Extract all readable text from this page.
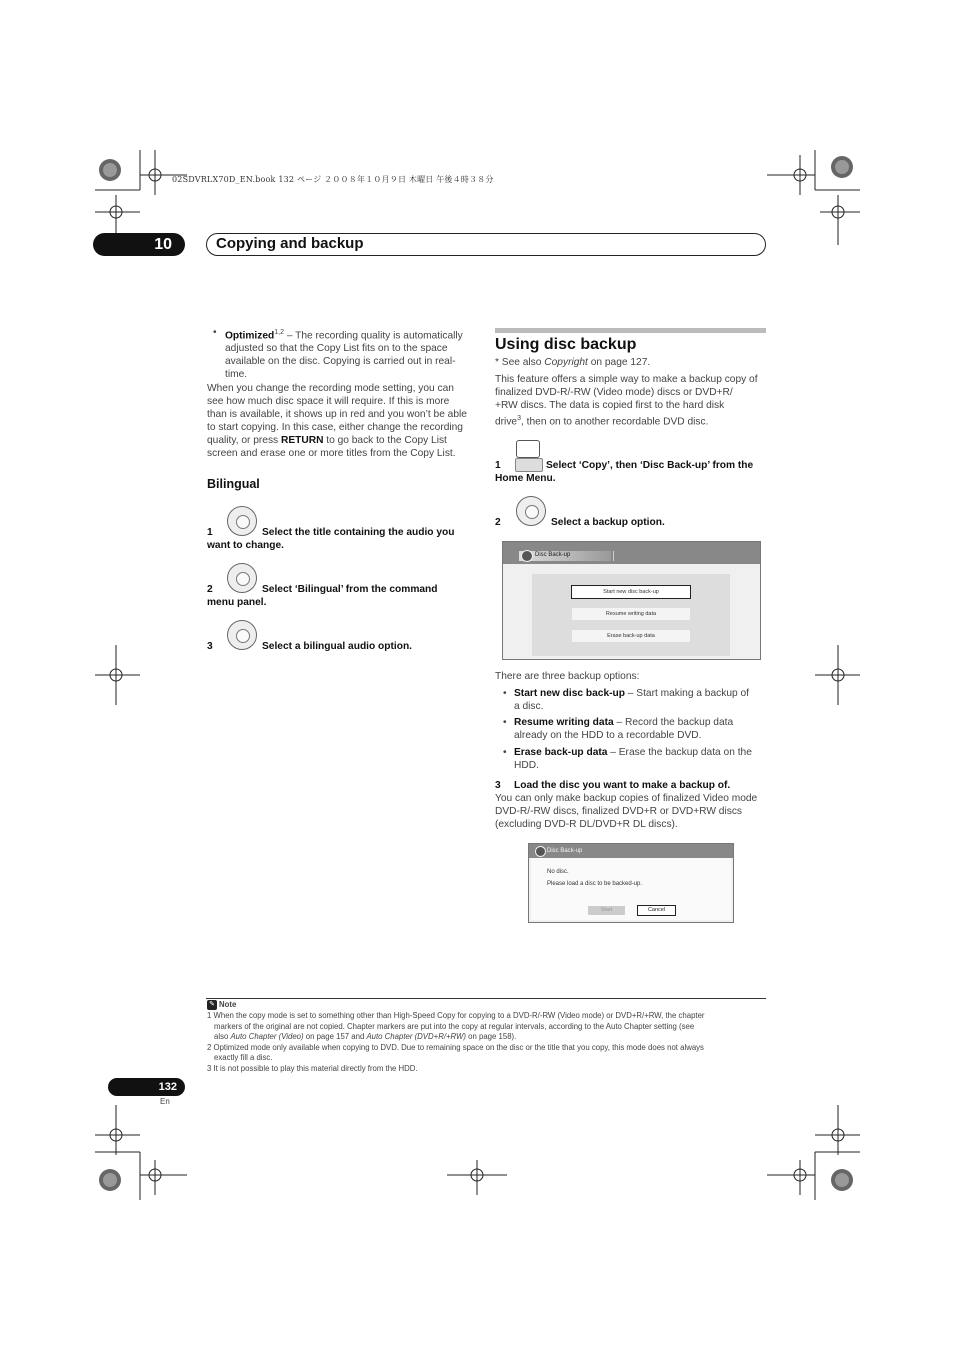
02SDVRLX70D_EN.book 132 ページ ２００８年１０月９日 木曜日 午後４時３８分
10	Copying and backup
• Optimized$^{1,2}$ – The recording quality is automatically
adjusted so that the Copy List fits on to the space
available on the disc. Copying is carried out in real-
time.
When you change the recording mode setting, you can
see how much disc space it will require. If this is more
than is available, it shows up in red and you won’t be able
to start copying. In this case, either change the recording
quality, or press RETURN to go back to the Copy List
screen and erase one or more titles from the Copy List.
Bilingual
1	Select the title containing the audio you
want to change.
2	Select ‘Bilingual’ from the command
menu panel.
3	Select a bilingual audio option.
Using disc backup
* See also Copyright on page 127.
This feature offers a simple way to make a backup copy of
finalized DVD-R/-RW (Video mode) discs or DVD+R/
+RW discs. The data is copied first to the hard disk
drive$^3$, then on to another recordable DVD disc.
1	Select ‘Copy’, then ‘Disc Back-up’ from the
Home Menu.
2	Select a backup option.
Disc Back-up
Start new disc back-up
Resume writing data
Erase back-up data
There are three backup options:
• Start new disc back-up – Start making a backup of
a disc.
• Resume writing data – Record the backup data
already on the HDD to a recordable DVD.
• Erase back-up data – Erase the backup data on the
HDD.
3 Load the disc you want to make a backup of.
You can only make backup copies of finalized Video mode
DVD-R/-RW discs, finalized DVD+R or DVD+RW discs
(excluding DVD-R DL/DVD+R DL discs).
Disc Back-up
No disc.
Please load a disc to be backed-up.
Start	Cancel
✎ Note
1 When the copy mode is set to something other than High-Speed Copy for copying to a DVD-R/-RW (Video mode) or DVD+R/+RW, the chapter
markers of the original are not copied. Chapter markers are put into the copy at regular intervals, according to the Auto Chapter setting (see
also Auto Chapter (Video) on page 157 and Auto Chapter (DVD+R/+RW) on page 158).
2 Optimized mode only available when copying to DVD. Due to remaining space on the disc or the title that you copy, this mode does not always
exactly fill a disc.
3 It is not possible to play this material directly from the HDD.
132
En
